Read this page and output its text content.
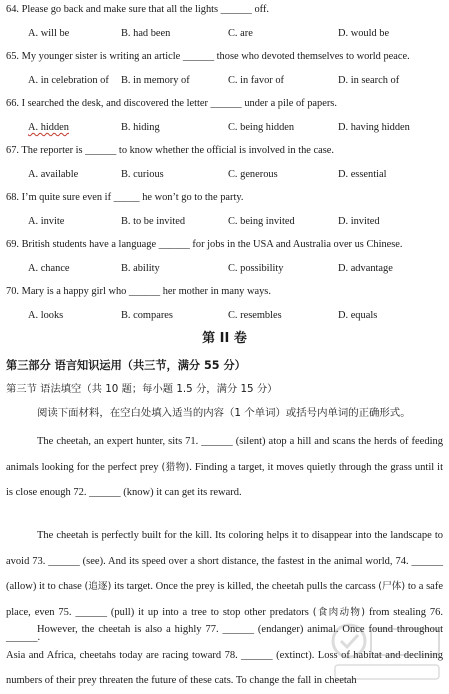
64. Please go back and make sure that all the lights ______ off.
A. will be	B. had been	C. are	D. would be
65. My younger sister is writing an article ______ those who devoted themselves to world peace.
A. in celebration of B. in memory of	C. in favor of	D. in search of
66. I searched the desk, and discovered the letter ______ under a pile of papers.
A. hidden	B. hiding	C. being hidden	D. having hidden
67. The reporter is ______ to know whether the official is involved in the case.
A. available	B. curious	C. generous	D. essential
68. I’m quite sure even if _____ he won’t go to the party.
A. invite	B. to be invited	C. being invited	D. invited
69. British students have a language ______ for jobs in the USA and Australia over us Chinese.
A. chance	B. ability	C. possibility	D. advantage
70. Mary is a happy girl who ______ her mother in many ways.
A. looks	B. compares	C. resembles	D. equals
第 II 卷
第三部分 语言知识运用（共三节，满分 55 分）
第三节 语法填空（共 10 题；每小题 1.5 分，满分 15 分）
阅读下面材料，在空白处填入适当的内容（1 个单词）或括号内单词的正确形式。

The cheetah, an expert hunter, sits 71. ______ (silent) atop a hill and scans the herds of feeding animals looking for the perfect prey (猎物). Finding a target, it moves quietly through the grass until it is close enough 72. ______ (know) it can get its reward.

The cheetah is perfectly built for the kill. Its coloring helps it to disappear into the landscape to avoid 73. ______ (see). And its speed over a short distance, the fastest in the animal world, 74. ______ (allow) it to chase (追逐) its target. Once the prey is killed, the cheetah pulls the carcass (尸体) to a safe place, even 75. ______ (pull) it up into a tree to stop other predators (食肉动物) from stealing 76. ______.

However, the cheetah is also a highly 77. ______ (endanger) animal. Once found throughout Asia and Africa, cheetahs today are racing toward 78. ______ (extinct). Loss of habitat and declining numbers of their prey threaten the future of these cats. To change the fall in cheetah
